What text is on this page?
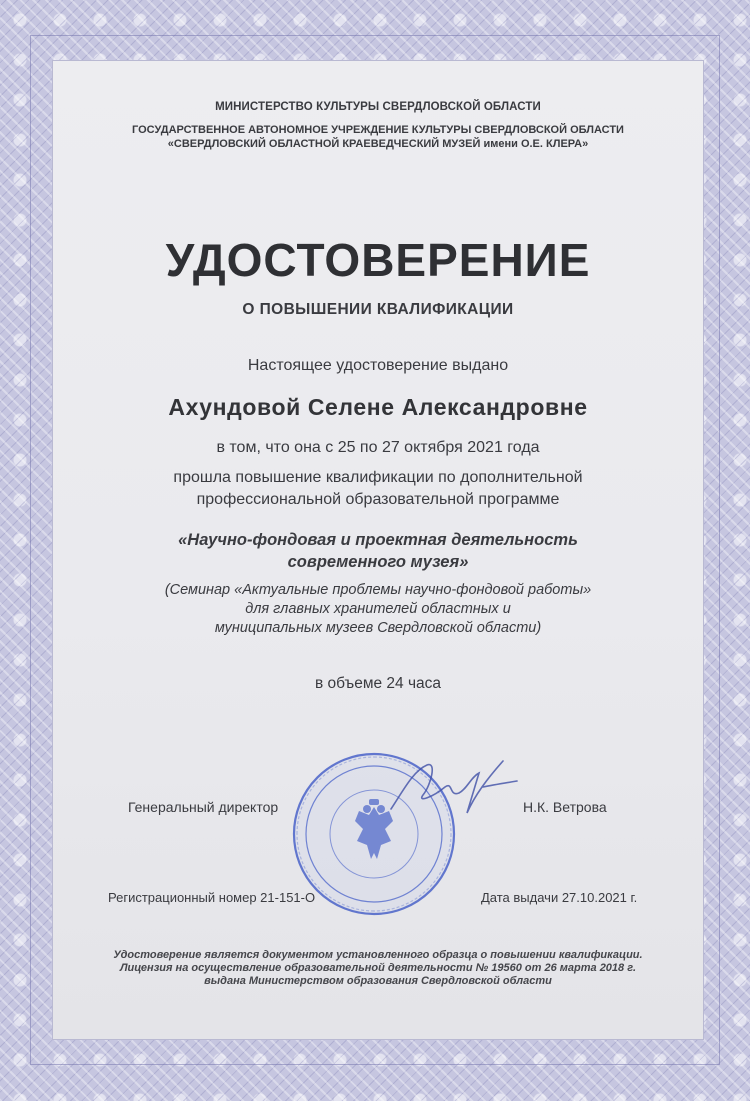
МИНИСТЕРСТВО КУЛЬТУРЫ СВЕРДЛОВСКОЙ ОБЛАСТИ
ГОСУДАРСТВЕННОЕ АВТОНОМНОЕ УЧРЕЖДЕНИЕ КУЛЬТУРЫ СВЕРДЛОВСКОЙ ОБЛАСТИ
«СВЕРДЛОВСКИЙ ОБЛАСТНОЙ КРАЕВЕДЧЕСКИЙ МУЗЕЙ имени О.Е. КЛЕРА»
УДОСТОВЕРЕНИЕ
О ПОВЫШЕНИИ КВАЛИФИКАЦИИ
Настоящее удостоверение выдано
Ахундовой Селене Александровне
в том, что она с 25 по 27 октября 2021 года
прошла повышение квалификации по дополнительной
профессиональной образовательной программе
«Научно-фондовая и проектная деятельность
современного музея»
(Семинар «Актуальные проблемы научно-фондовой работы»
для главных хранителей областных и
муниципальных музеев Свердловской области)
в объеме 24 часа
Генеральный директор	Н.К. Ветрова
Регистрационный номер 21-151-О	Дата выдачи 27.10.2021 г.
Удостоверение является документом установленного образца о повышении квалификации.
Лицензия на осуществление образовательной деятельности № 19560 от 26 марта 2018 г.
выдана Министерством образования Свердловской области
